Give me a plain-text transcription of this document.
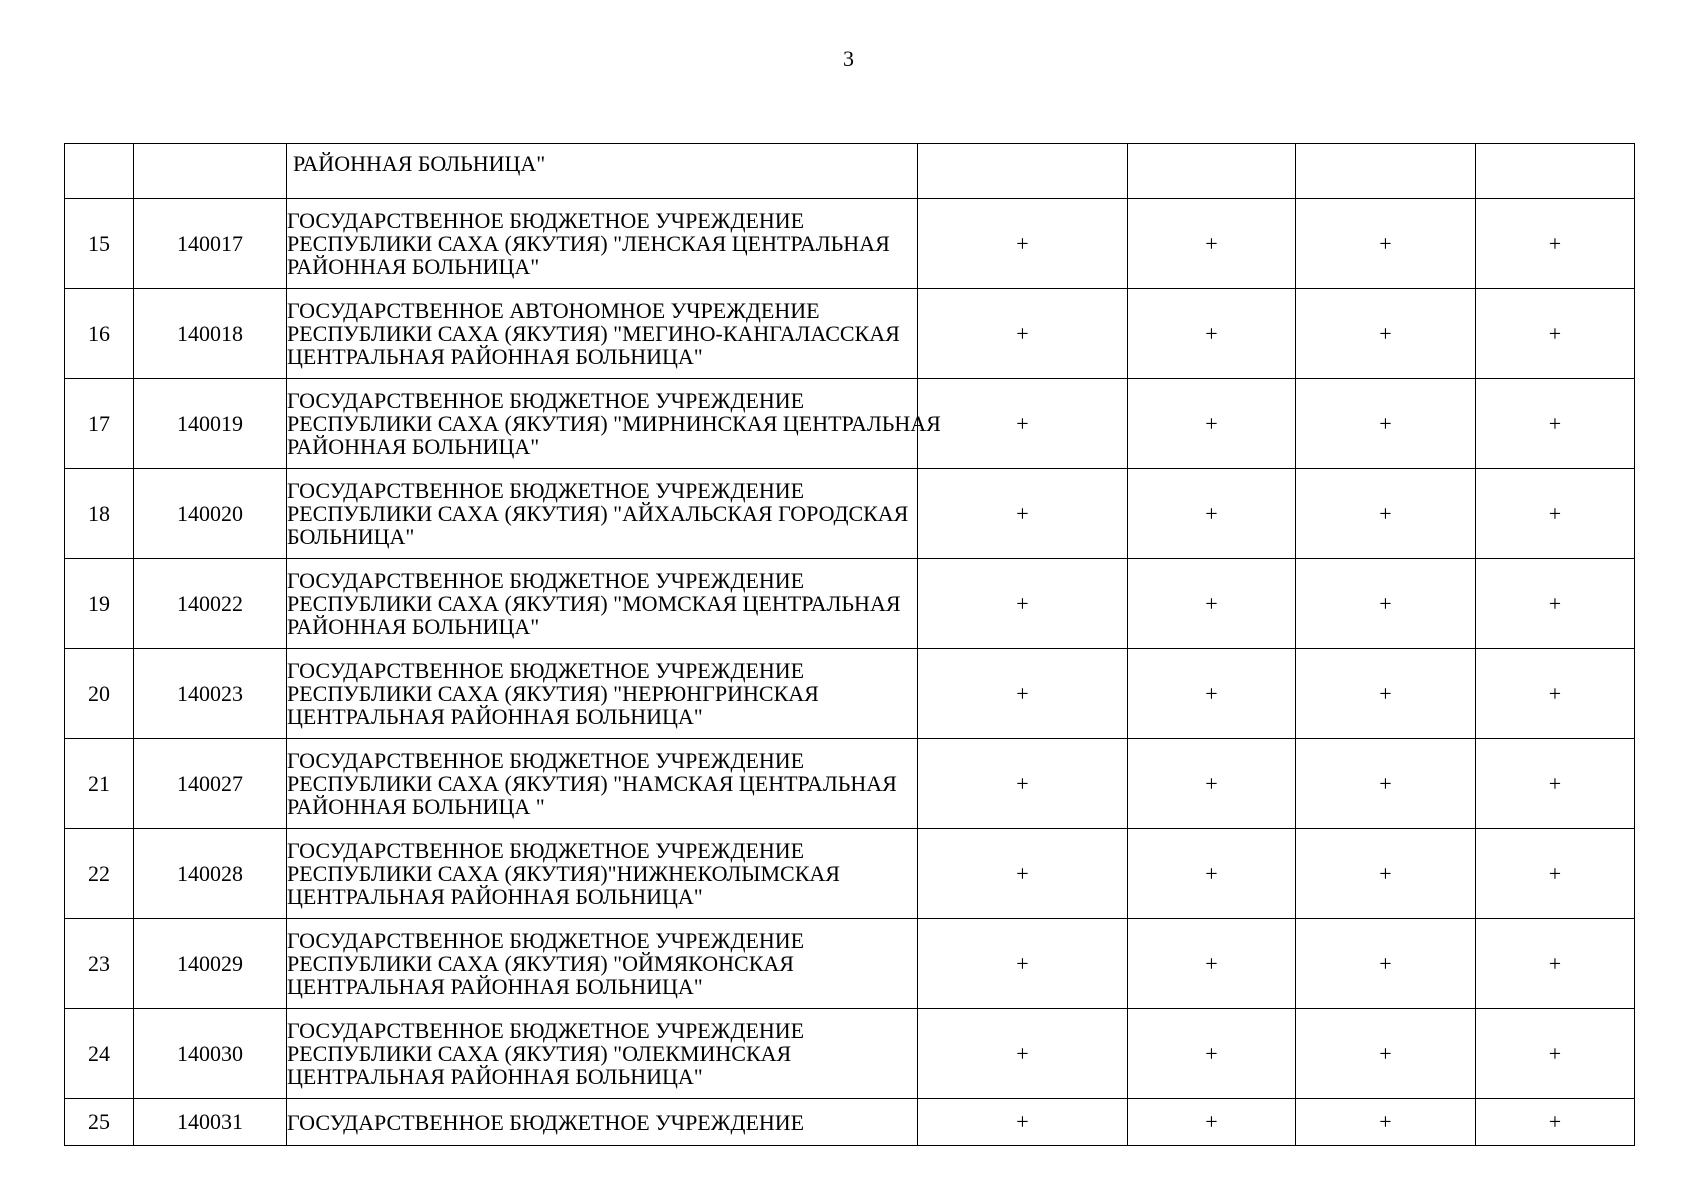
3

		РАЙОННАЯ БОЛЬНИЦА"				

15	140017	ГОСУДАРСТВЕННОЕ БЮДЖЕТНОЕ УЧРЕЖДЕНИЕ
РЕСПУБЛИКИ САХА (ЯКУТИЯ) "ЛЕНСКАЯ ЦЕНТРАЛЬНАЯ
РАЙОННАЯ БОЛЬНИЦА"	+	+	+	+
16	140018	ГОСУДАРСТВЕННОЕ АВТОНОМНОЕ УЧРЕЖДЕНИЕ
РЕСПУБЛИКИ САХА (ЯКУТИЯ) "МЕГИНО-КАНГАЛАССКАЯ
ЦЕНТРАЛЬНАЯ РАЙОННАЯ БОЛЬНИЦА"	+	+	+	+
17	140019	ГОСУДАРСТВЕННОЕ БЮДЖЕТНОЕ УЧРЕЖДЕНИЕ
РЕСПУБЛИКИ САХА (ЯКУТИЯ) "МИРНИНСКАЯ ЦЕНТРАЛЬНАЯ
РАЙОННАЯ БОЛЬНИЦА"	+	+	+	+
18	140020	ГОСУДАРСТВЕННОЕ БЮДЖЕТНОЕ УЧРЕЖДЕНИЕ
РЕСПУБЛИКИ САХА (ЯКУТИЯ) "АЙХАЛЬСКАЯ ГОРОДСКАЯ
БОЛЬНИЦА"	+	+	+	+
19	140022	ГОСУДАРСТВЕННОЕ БЮДЖЕТНОЕ УЧРЕЖДЕНИЕ
РЕСПУБЛИКИ САХА (ЯКУТИЯ) "МОМСКАЯ ЦЕНТРАЛЬНАЯ
РАЙОННАЯ БОЛЬНИЦА"	+	+	+	+
20	140023	ГОСУДАРСТВЕННОЕ БЮДЖЕТНОЕ УЧРЕЖДЕНИЕ
РЕСПУБЛИКИ САХА (ЯКУТИЯ) "НЕРЮНГРИНСКАЯ
ЦЕНТРАЛЬНАЯ РАЙОННАЯ БОЛЬНИЦА"	+	+	+	+
21	140027	ГОСУДАРСТВЕННОЕ БЮДЖЕТНОЕ УЧРЕЖДЕНИЕ
РЕСПУБЛИКИ САХА (ЯКУТИЯ) "НАМСКАЯ ЦЕНТРАЛЬНАЯ
РАЙОННАЯ БОЛЬНИЦА "	+	+	+	+
22	140028	ГОСУДАРСТВЕННОЕ БЮДЖЕТНОЕ УЧРЕЖДЕНИЕ
РЕСПУБЛИКИ САХА (ЯКУТИЯ)"НИЖНЕКОЛЫМСКАЯ
ЦЕНТРАЛЬНАЯ РАЙОННАЯ БОЛЬНИЦА"	+	+	+	+
23	140029	ГОСУДАРСТВЕННОЕ БЮДЖЕТНОЕ УЧРЕЖДЕНИЕ
РЕСПУБЛИКИ САХА (ЯКУТИЯ) "ОЙМЯКОНСКАЯ
ЦЕНТРАЛЬНАЯ РАЙОННАЯ БОЛЬНИЦА"	+	+	+	+
24	140030	ГОСУДАРСТВЕННОЕ БЮДЖЕТНОЕ УЧРЕЖДЕНИЕ
РЕСПУБЛИКИ САХА (ЯКУТИЯ) "ОЛЕКМИНСКАЯ
ЦЕНТРАЛЬНАЯ РАЙОННАЯ БОЛЬНИЦА"	+	+	+	+
25	140031	ГОСУДАРСТВЕННОЕ БЮДЖЕТНОЕ УЧРЕЖДЕНИЕ	+	+	+	+
